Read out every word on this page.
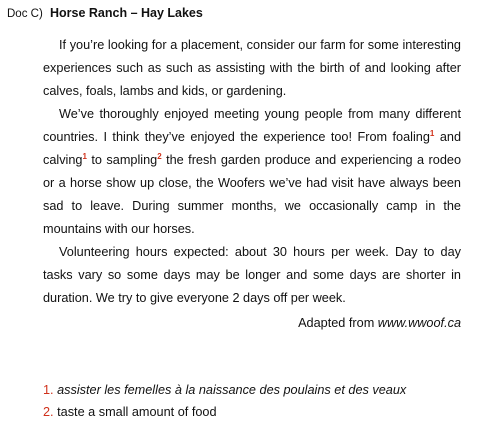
Doc C) Horse Ranch – Hay Lakes

If you’re looking for a placement, consider our farm for some interesting experiences such as such as assisting with the birth of and looking after calves, foals, lambs and kids, or gardening.

We’ve thoroughly enjoyed meeting young people from many different countries. I think they’ve enjoyed the experience too! From foaling$^1$ and calving$^1$ to sampling$^2$ the fresh garden produce and experiencing a rodeo or a horse show up close, the Woofers we’ve had visit have always been sad to leave. During summer months, we occasionally camp in the mountains with our horses.

Volunteering hours expected: about 30 hours per week. Day to day tasks vary so some days may be longer and some days are shorter in duration. We try to give everyone 2 days off per week.

Adapted from www.wwoof.ca
1. assister les femelles à la naissance des poulains et des veaux
2. taste a small amount of food
